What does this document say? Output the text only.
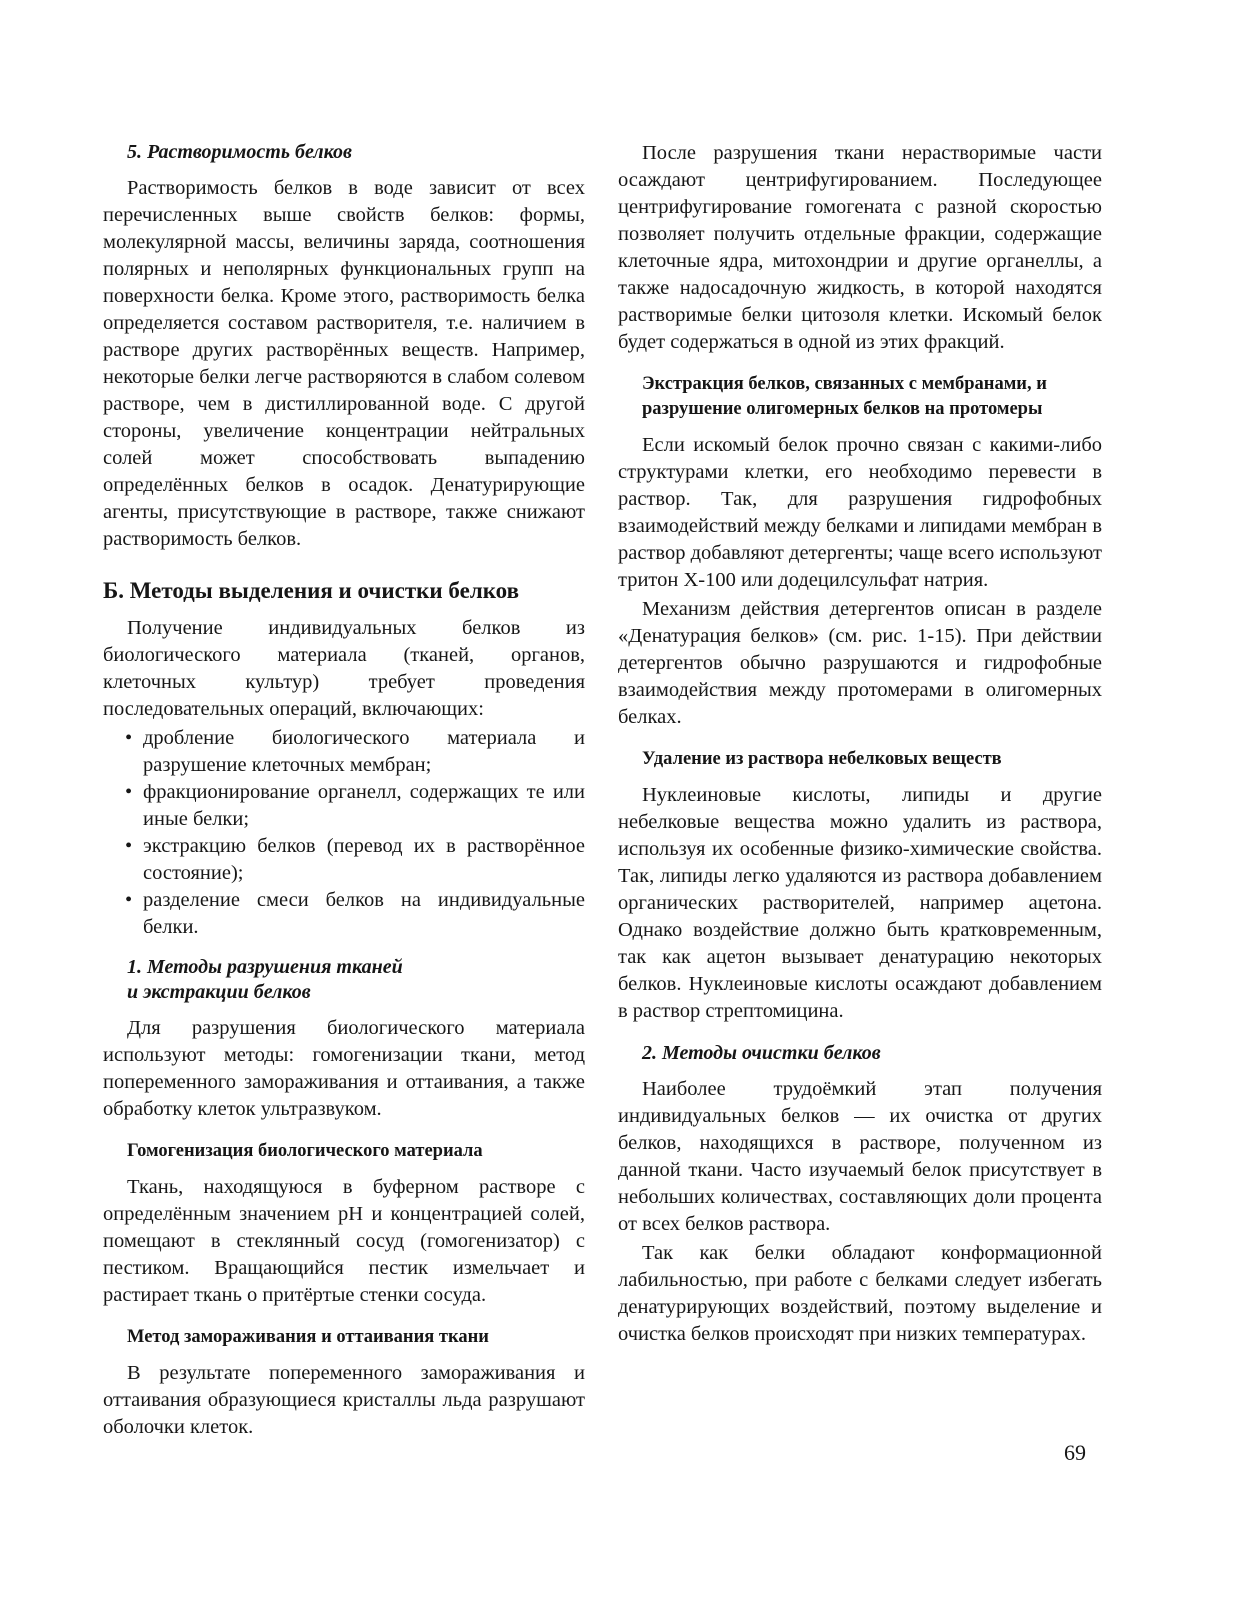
5. Растворимость белков

Растворимость белков в воде зависит от всех перечисленных выше свойств белков: формы, молекулярной массы, величины заряда, соотношения полярных и неполярных функциональных групп на поверхности белка. Кроме этого, растворимость белка определяется составом растворителя, т.е. наличием в растворе других растворённых веществ. Например, некоторые белки легче растворяются в слабом солевом растворе, чем в дистиллированной воде. С другой стороны, увеличение концентрации нейтральных солей может способствовать выпадению определённых белков в осадок. Денатурирующие агенты, присутствующие в растворе, также снижают растворимость белков.

Б. Методы выделения и очистки белков

Получение индивидуальных белков из биологического материала (тканей, органов, клеточных культур) требует проведения последовательных операций, включающих:

• дробление биологического материала и разрушение клеточных мембран;
• фракционирование органелл, содержащих те или иные белки;
• экстракцию белков (перевод их в растворённое состояние);
• разделение смеси белков на индивидуальные белки.
1. Методы разрушения тканей
и экстракции белков

Для разрушения биологического материала используют методы: гомогенизации ткани, метод попеременного замораживания и оттаивания, а также обработку клеток ультразвуком.

Гомогенизация биологического материала

Ткань, находящуюся в буферном растворе с определённым значением pH и концентрацией солей, помещают в стеклянный сосуд (гомогенизатор) с пестиком. Вращающийся пестик измельчает и растирает ткань о притёртые стенки сосуда.

Метод замораживания и оттаивания ткани

В результате попеременного замораживания и оттаивания образующиеся кристаллы льда разрушают оболочки клеток.

После разрушения ткани нерастворимые части осаждают центрифугированием. Последующее центрифугирование гомогената с разной скоростью позволяет получить отдельные фракции, содержащие клеточные ядра, митохондрии и другие органеллы, а также надосадочную жидкость, в которой находятся растворимые белки цитозоля клетки. Искомый белок будет содержаться в одной из этих фракций.

Экстракция белков, связанных с мембранами, и разрушение олигомерных белков на протомеры

Если искомый белок прочно связан с какими-либо структурами клетки, его необходимо перевести в раствор. Так, для разрушения гидрофобных взаимодействий между белками и липидами мембран в раствор добавляют детергенты; чаще всего используют тритон X-100 или додецилсульфат натрия.

Механизм действия детергентов описан в разделе «Денатурация белков» (см. рис. 1-15). При действии детергентов обычно разрушаются и гидрофобные взаимодействия между протомерами в олигомерных белках.

Удаление из раствора небелковых веществ

Нуклеиновые кислоты, липиды и другие небелковые вещества можно удалить из раствора, используя их особенные физико-химические свойства. Так, липиды легко удаляются из раствора добавлением органических растворителей, например ацетона. Однако воздействие должно быть кратковременным, так как ацетон вызывает денатурацию некоторых белков. Нуклеиновые кислоты осаждают добавлением в раствор стрептомицина.

2. Методы очистки белков

Наиболее трудоёмкий этап получения индивидуальных белков — их очистка от других белков, находящихся в растворе, полученном из данной ткани. Часто изучаемый белок присутствует в небольших количествах, составляющих доли процента от всех белков раствора.

Так как белки обладают конформационной лабильностью, при работе с белками следует избегать денатурирующих воздействий, поэтому выделение и очистка белков происходят при низких температурах.

69
